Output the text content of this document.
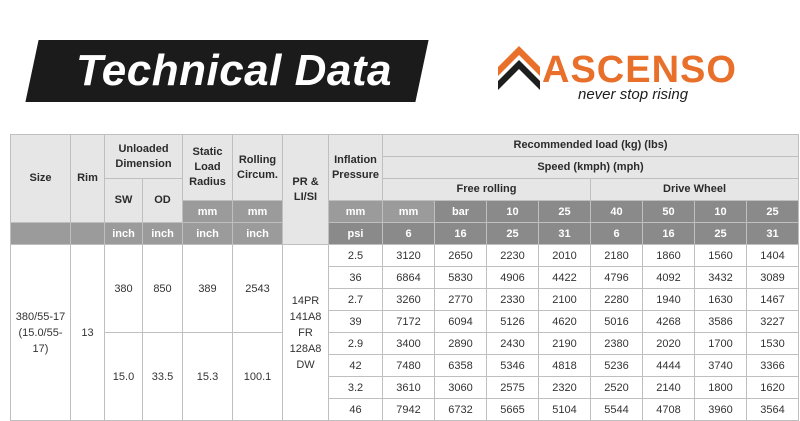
Technical Data	ASCENSO
never stop rising
Size	Rim	Unloaded Dimension		Static Load Radius	Rolling Circum.	PR & LI/SI	Inflation Pressure	Recommended load (kg) (lbs)								
								Speed (kmph) (mph)								
		SW	OD					Free rolling				Drive Wheel				
				mm	mm		mm	mm	bar	10	25	40	50	10	25		
		inch	inch	inch	inch		psi	6	16	25	31	6	16	25	31	
380/55-17 (15.0/55-17)	13	380	850	389	2543	14PR 141A8 FR 128A8 DW	2.5	3120	2650	2230	2010	2180	1860	1560	1404	
							36	6864	5830	4906	4422	4796	4092	3432	3089	
							2.7	3260	2770	2330	2100	2280	1940	1630	1467	
							39	7172	6094	5126	4620	5016	4268	3586	3227	
		15.0	33.5	15.3	100.1		2.9	3400	2890	2430	2190	2380	2020	1700	1530	
							42	7480	6358	5346	4818	5236	4444	3740	3366	
							3.2	3610	3060	2575	2320	2520	2140	1800	1620	
							46	7942	6732	5665	5104	5544	4708	3960	3564	
